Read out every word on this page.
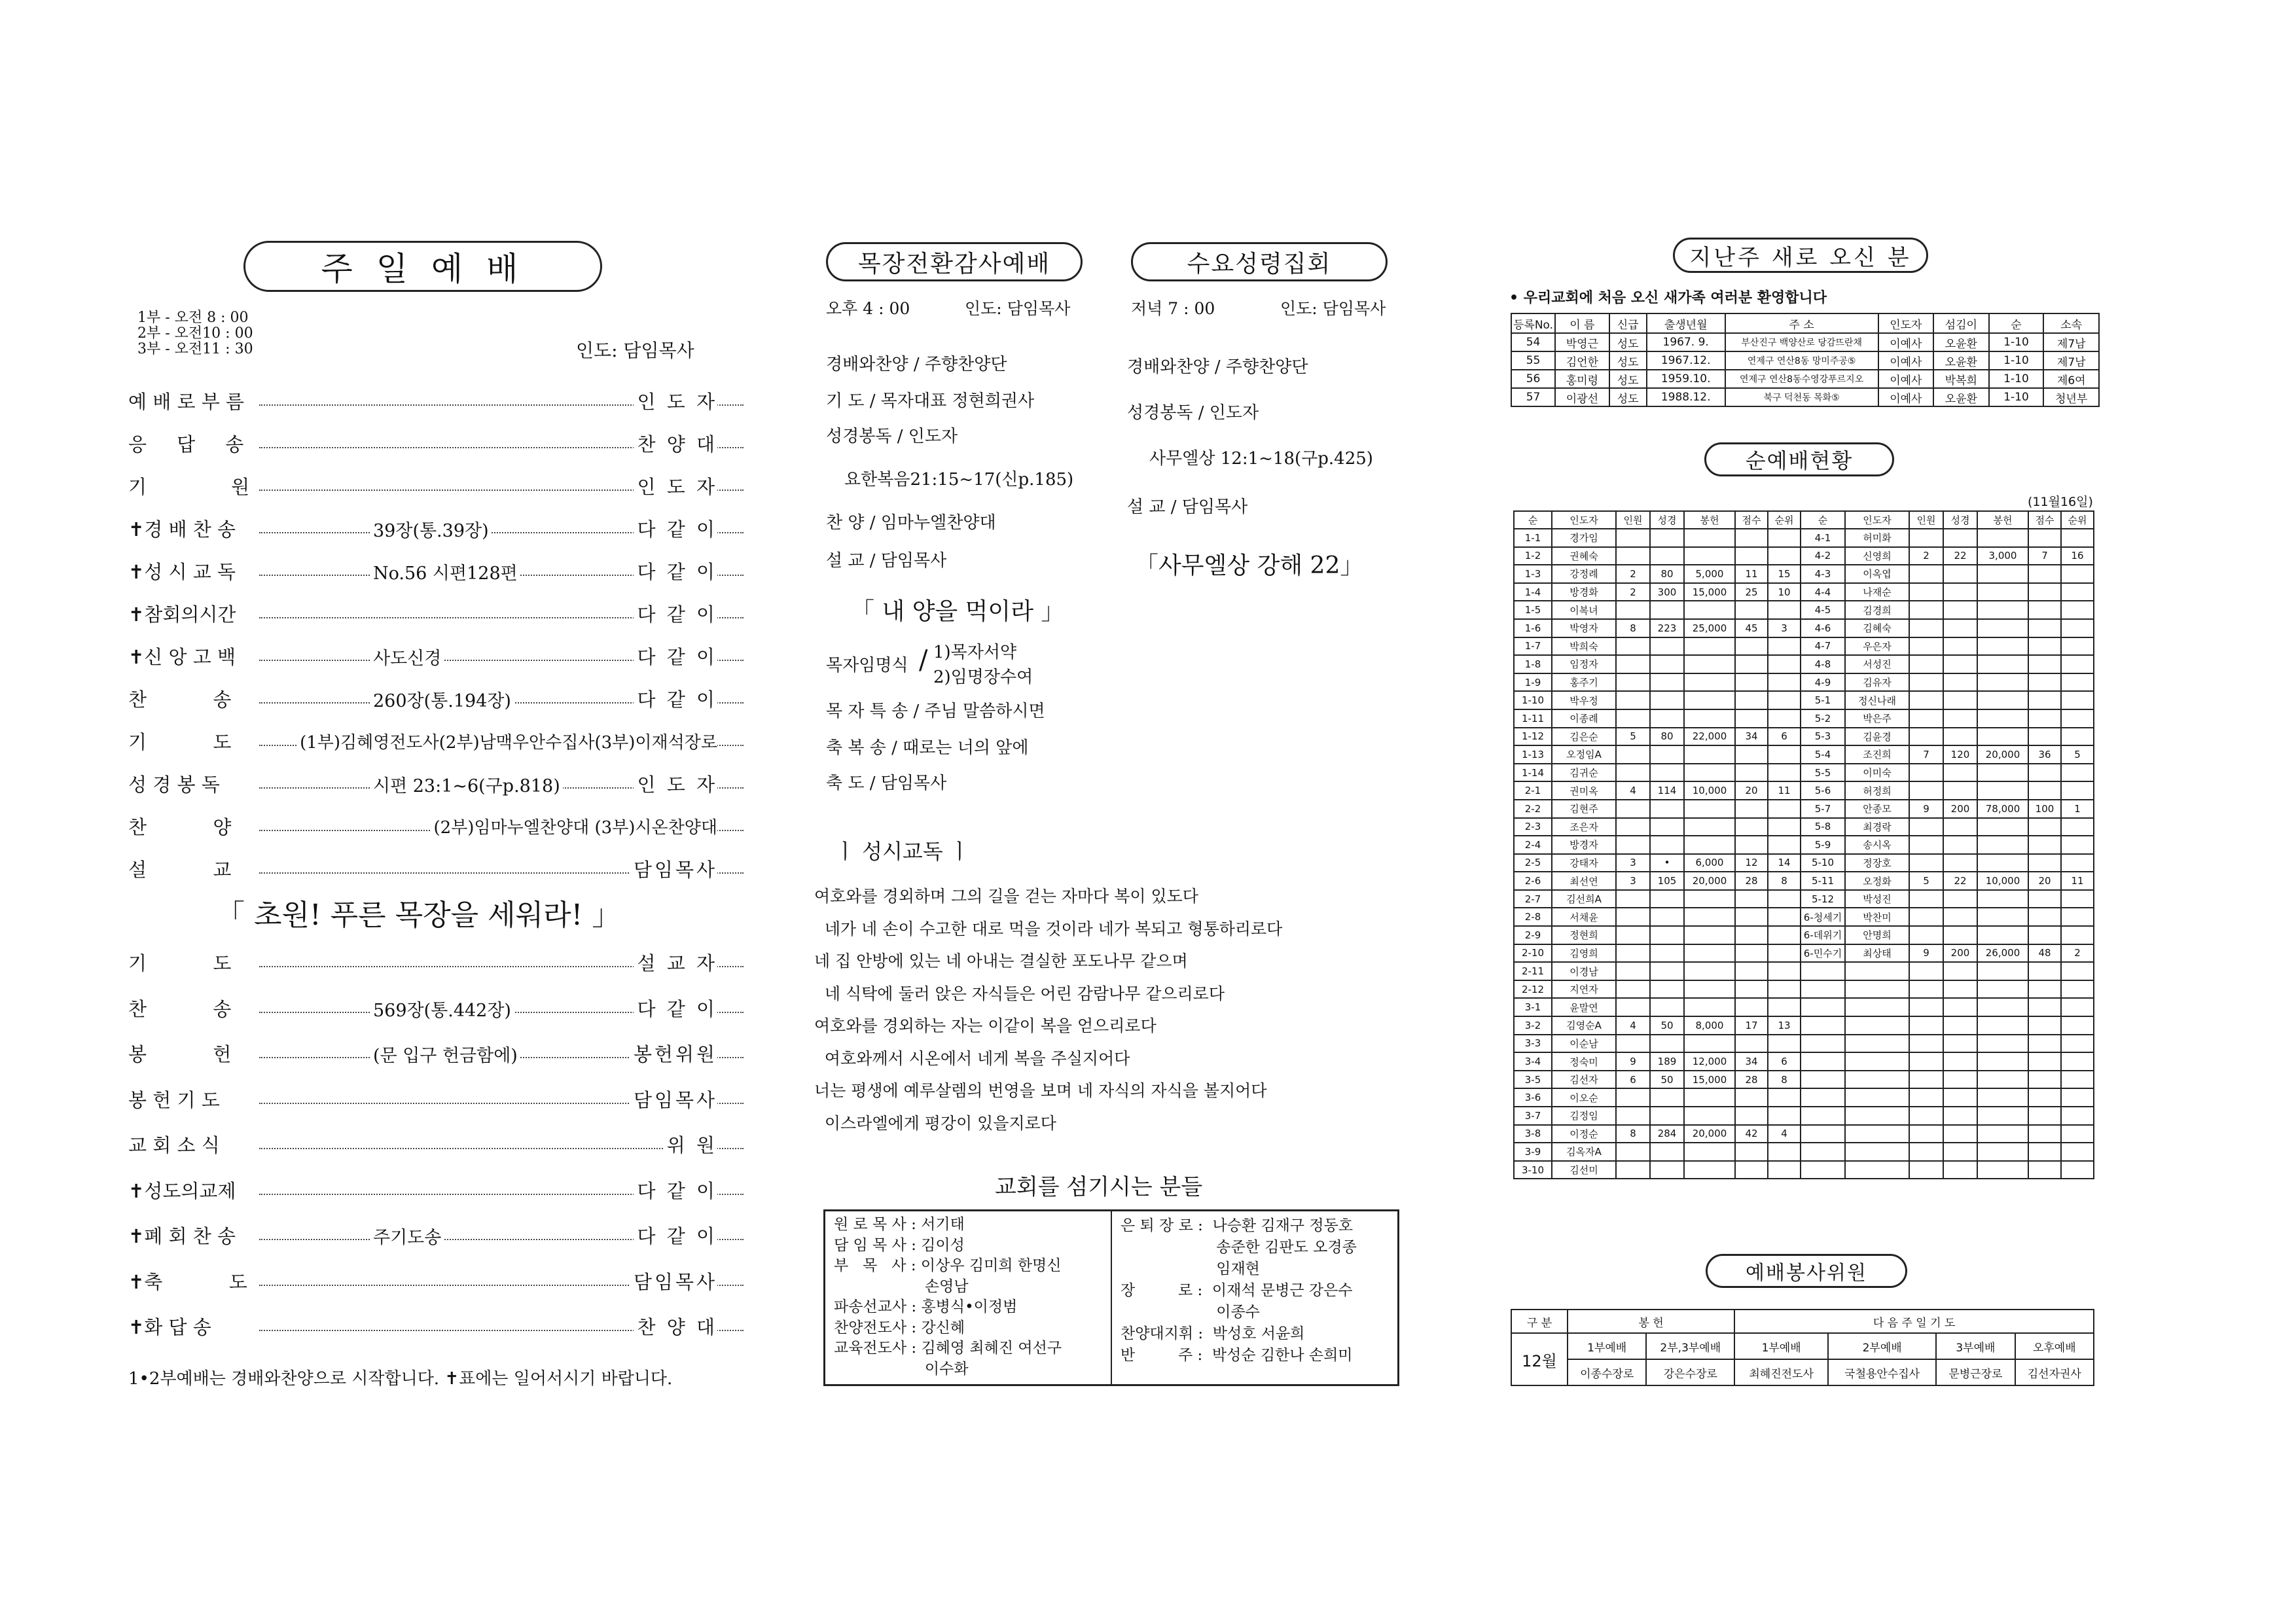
주 일 예 배
1부 - 오전 8 : 00
2부 - 오전10 : 00
3부 - 오전11 : 30	인도: 담임목사
예 배 로 부 름	인 도 자
응     답     송	찬 양 대
기              원	인 도 자
✝경 배 찬 송	39장(통.39장)	다 같 이
✝성 시 교 독	No.56 시편128편	다 같 이
✝참회의시간	다 같 이
✝신 앙 고 백	사도신경	다 같 이
찬           송	260장(통.194장)	다 같 이
기           도	(1부)김혜영전도사(2부)남맥우안수집사(3부)이재석장로
성 경 봉 독	시편 23:1~6(구p.818)	인 도 자
찬           양	(2부)임마누엘찬양대 (3부)시온찬양대
설           교	담임목사
「 초원! 푸른 목장을 세워라! 」
기           도	설 교 자
찬           송	569장(통.442장)	다 같 이
봉           헌	(문 입구 헌금함에)	봉헌위원
봉 헌 기 도	담임목사
교 회 소 식	위 원
✝성도의교제	다 같 이
✝폐 회 찬 송	주기도송	다 같 이
✝축           도	담임목사
✝화 답 송	찬 양 대
1•2부예배는 경배와찬양으로 시작합니다. ✝표에는 일어서시기 바랍니다.
목장전환감사예배
오후 4 : 00	인도: 담임목사
경배와찬양 / 주향찬양단
기 도 / 목자대표 정현희권사
성경봉독 / 인도자
요한복음21:15~17(신p.185)
찬 양 / 임마누엘찬양대
설 교 / 담임목사
「 내 양을 먹이라 」
목자임명식 / 1)목자서약
2)임명장수여
목 자 특 송 / 주님 말씀하시면
축 복 송 / 때로는 너의 앞에
축 도 / 담임목사
수요성령집회
저녁 7 : 00	인도: 담임목사
경배와찬양 / 주향찬양단
성경봉독 / 인도자
사무엘상 12:1~18(구p.425)
설 교 / 담임목사
「사무엘상 강해 22」
ㅣ 성시교독 ㅣ
여호와를 경외하며 그의 길을 걷는 자마다 복이 있도다
네가 네 손이 수고한 대로 먹을 것이라 네가 복되고 형통하리로다
네 집 안방에 있는 네 아내는 결실한 포도나무 같으며
네 식탁에 둘러 앉은 자식들은 어린 감람나무 같으리로다
여호와를 경외하는 자는 이같이 복을 얻으리로다
여호와께서 시온에서 네게 복을 주실지어다
너는 평생에 예루살렘의 번영을 보며 네 자식의 자식을 볼지어다
이스라엘에게 평강이 있을지로다
교회를 섬기시는 분들
원 로 목 사 : 서기태
담 임 목 사 : 김이성
부   목   사 : 이상우 김미희 한명신
손영남
파송선교사 : 홍병식•이정범
찬양전도사 : 강신혜
교육전도사 : 김혜영 최혜진 여선구
이수화
은 퇴 장 로 :  나승환 김재구 정동호
송준한 김판도 오경종
임재현
장         로 :  이재석 문병근 강은수
이종수
찬양대지휘 :  박성호 서윤희
반         주 :  박성순 김한나 손희미
지난주 새로 오신 분
• 우리교회에 처음 오신 새가족 여러분 환영합니다
등록No.	이 름	신급	출생년월	주 소	인도자	섬김이	순	소속
54	박영근	성도	1967. 9.	부산진구 백양산로 당감뜨란채	이예사	오윤환	1-10	제7남
55	김언한	성도	1967.12.	연제구 연산8동 망미주공⑤	이예사	오윤환	1-10	제7남
56	홍미령	성도	1959.10.	연제구 연산8동수영강푸르지오	이예사	박복희	1-10	제6여
57	이광선	성도	1988.12.	북구 덕천동 목화⑤	이예사	오윤환	1-10	청년부
순예배현황
(11월16일)
순	인도자	인원	성경	봉헌	점수	순위	순	인도자	인원	성경	봉헌	점수	순위
1-1	경가임						4-1	허미화					
1-2	권혜숙						4-2	신영희	2	22	3,000	7	16
1-3	강정례	2	80	5,000	11	15	4-3	이옥엽					
1-4	방경화	2	300	15,000	25	10	4-4	나재순					
1-5	이복녀						4-5	김경희					
1-6	박영자	8	223	25,000	45	3	4-6	김혜숙					
1-7	박희숙						4-7	우은자					
1-8	임정자						4-8	서성진					
1-9	홍주기						4-9	김유자					
1-10	박우정						5-1	정신나래					
1-11	이종례						5-2	박은주					
1-12	김은순	5	80	22,000	34	6	5-3	김윤경					
1-13	오정임A						5-4	조진희	7	120	20,000	36	5
1-14	김귀순						5-5	이미숙					
2-1	권미옥	4	114	10,000	20	11	5-6	허정희					
2-2	김현주						5-7	안종모	9	200	78,000	100	1
2-3	조은자						5-8	최경락					
2-4	방경자						5-9	송시옥					
2-5	강태자	3	•	6,000	12	14	5-10	정장호					
2-6	최선연	3	105	20,000	28	8	5-11	오정화	5	22	10,000	20	11
2-7	김선희A						5-12	박성진					
2-8	서채윤						6-청세기	박찬미					
2-9	정현희						6-데위기	안명희					
2-10	김영희						6-민수기	최상태	9	200	26,000	48	2
2-11	이경남												
2-12	지연자												
3-1	윤말연												
3-2	김영순A	4	50	8,000	17	13							
3-3	이순남												
3-4	정숙미	9	189	12,000	34	6							
3-5	김선자	6	50	15,000	28	8							
3-6	이오순												
3-7	김정임												
3-8	이정순	8	284	20,000	42	4							
3-9	김옥자A												
3-10	김선미												
예배봉사위원
구 분	봉 헌		다 음 주 일 기 도			
12월	1부예배	2부,3부예배	1부예배	2부예배	3부예배	오후예배
	이종수장로	강은수장로	최혜진전도사	국철용안수집사	문병근장로	김선자권사
